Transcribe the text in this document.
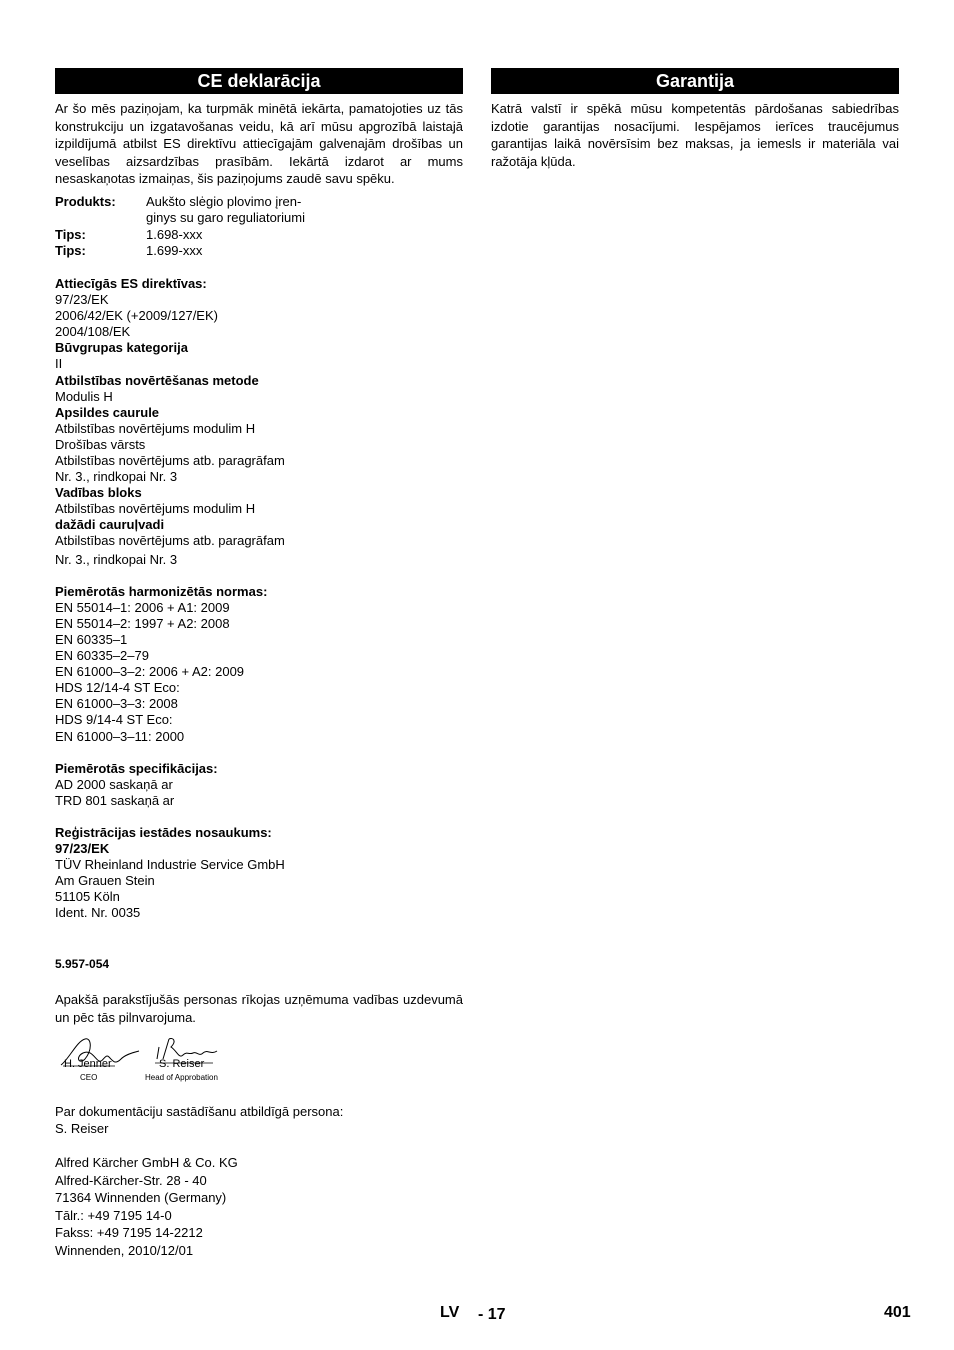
CE deklarācija
Ar šo mēs paziņojam, ka turpmāk minētā iekārta, pamatojoties uz tās konstrukciju un izgatavošanas veidu, kā arī mūsu apgrozībā laistajā izpildījumā atbilst ES direktīvu attiecīgajām galvenajām drošības un veselības aizsardzības prasībām. Iekārtā izdarot ar mums nesaskaņotas izmaiņas, šis paziņojums zaudē savu spēku.
Produkts:	Aukšto slėgio plovimo įren-
ginys su garo reguliatoriumi
Tips:	1.698-xxx
Tips:	1.699-xxx
Attiecīgās ES direktīvas:
97/23/EK
2006/42/EK (+2009/127/EK)
2004/108/EK
Būvgrupas kategorija
II
Atbilstības novērtēšanas metode
Modulis H
Apsildes caurule
Atbilstības novērtējums modulim H
Drošības vārsts
Atbilstības novērtējums atb. paragrāfam
Nr. 3., rindkopai Nr. 3
Vadības bloks
Atbilstības novērtējums modulim H
dažādi cauruļvadi
Atbilstības novērtējums atb. paragrāfam
Nr. 3., rindkopai Nr. 3
Piemērotās harmonizētās normas:
EN 55014–1: 2006 + A1: 2009
EN 55014–2: 1997 + A2: 2008
EN 60335–1
EN 60335–2–79
EN 61000–3–2: 2006 + A2: 2009
HDS 12/14-4 ST Eco:
EN 61000–3–3: 2008
HDS 9/14-4 ST Eco:
EN 61000–3–11: 2000
Piemērotās specifikācijas:
AD 2000 saskaņā ar
TRD 801 saskaņā ar
Reģistrācijas iestādes nosaukums:
97/23/EK
TÜV Rheinland Industrie Service GmbH
Am Grauen Stein
51105 Köln
Ident. Nr. 0035
5.957-054
Apakšā parakstījušās personas rīkojas uzņēmuma vadības uzdevumā un pēc tās pilnvarojuma.
H. Jenner
CEO
S. Reiser
Head of Approbation
Par dokumentāciju sastādīšanu atbildīgā persona:
S. Reiser
Alfred Kärcher GmbH & Co. KG
Alfred-Kärcher-Str. 28 - 40
71364 Winnenden (Germany)
Tālr.: +49 7195 14-0
Fakss: +49 7195 14-2212
Winnenden, 2010/12/01
Garantija
Katrā valstī ir spēkā mūsu kompetentās pārdošanas sabiedrības izdotie garantijas nosacījumi. Iespējamos ierīces traucējumus garantijas laikā novērsīsim bez maksas, ja iemesls ir materiāla vai ražotāja kļūda.
LV - 17	401
